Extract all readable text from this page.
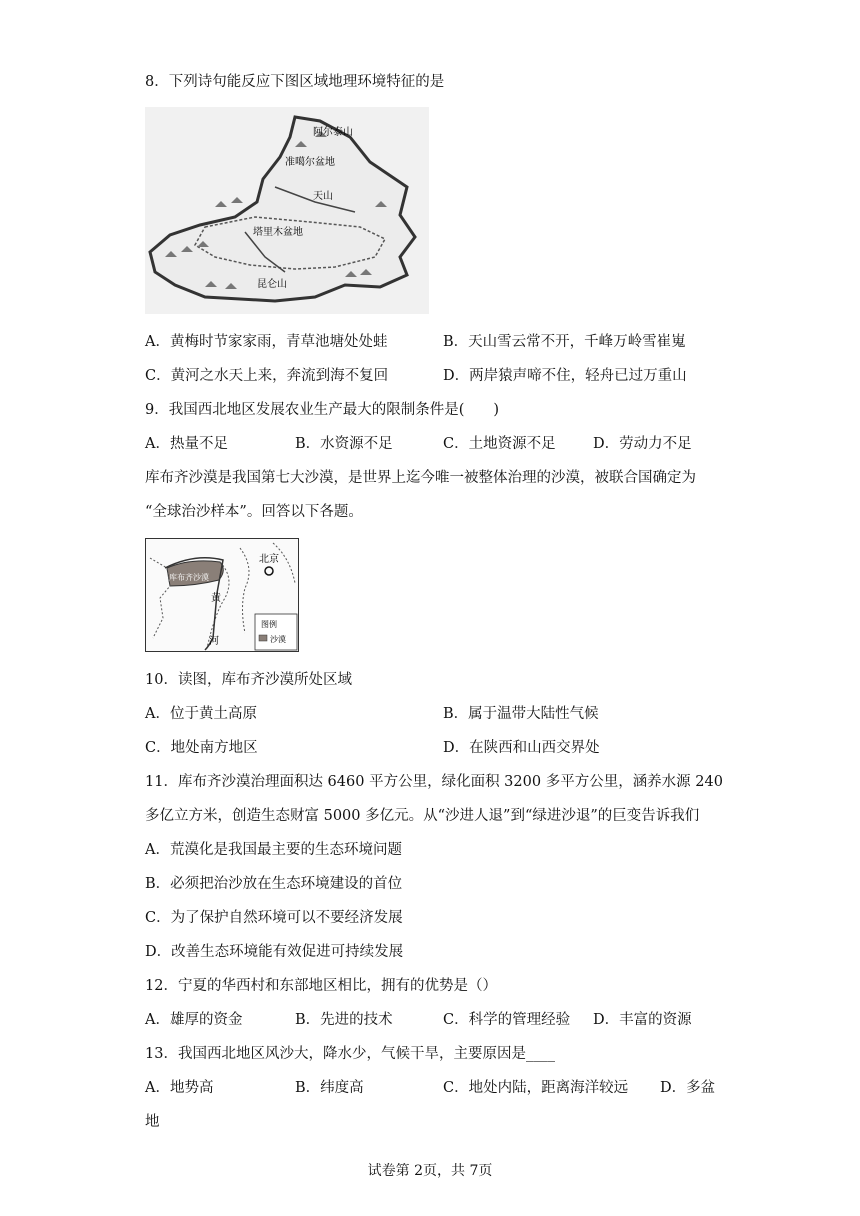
8．下列诗句能反应下图区域地理环境特征的是
阿尔泰山
准噶尔盆地
天山
塔里木盆地
昆仑山
A．黄梅时节家家雨，青草池塘处处蛙	B．天山雪云常不开，千峰万岭雪崔嵬
C．黄河之水天上来，奔流到海不复回	D．两岸猿声啼不住，轻舟已过万重山
9．我国西北地区发展农业生产最大的限制条件是(　　)
A．热量不足	B．水资源不足	C．土地资源不足	D．劳动力不足
库布齐沙漠是我国第七大沙漠，是世界上迄今唯一被整体治理的沙漠，被联合国确定为
“全球治沙样本”。回答以下各题。
北京
库布齐沙漠
黄
河
图例
沙漠
10．读图，库布齐沙漠所处区域
A．位于黄土高原	B．属于温带大陆性气候
C．地处南方地区	D．在陕西和山西交界处
11．库布齐沙漠治理面积达 6460 平方公里，绿化面积 3200 多平方公里，涵养水源 240
多亿立方米，创造生态财富 5000 多亿元。从“沙进人退”到“绿进沙退”的巨变告诉我们
A．荒漠化是我国最主要的生态环境问题
B．必须把治沙放在生态环境建设的首位
C．为了保护自然环境可以不要经济发展
D．改善生态环境能有效促进可持续发展
12．宁夏的华西村和东部地区相比，拥有的优势是（）
A．雄厚的资金	B．先进的技术	C．科学的管理经验 D．丰富的资源
13．我国西北地区风沙大，降水少，气候干旱，主要原因是____
A．地势高	B．纬度高	C．地处内陆，距离海洋较远 D．多盆
地
试卷第 2页，共 7页
